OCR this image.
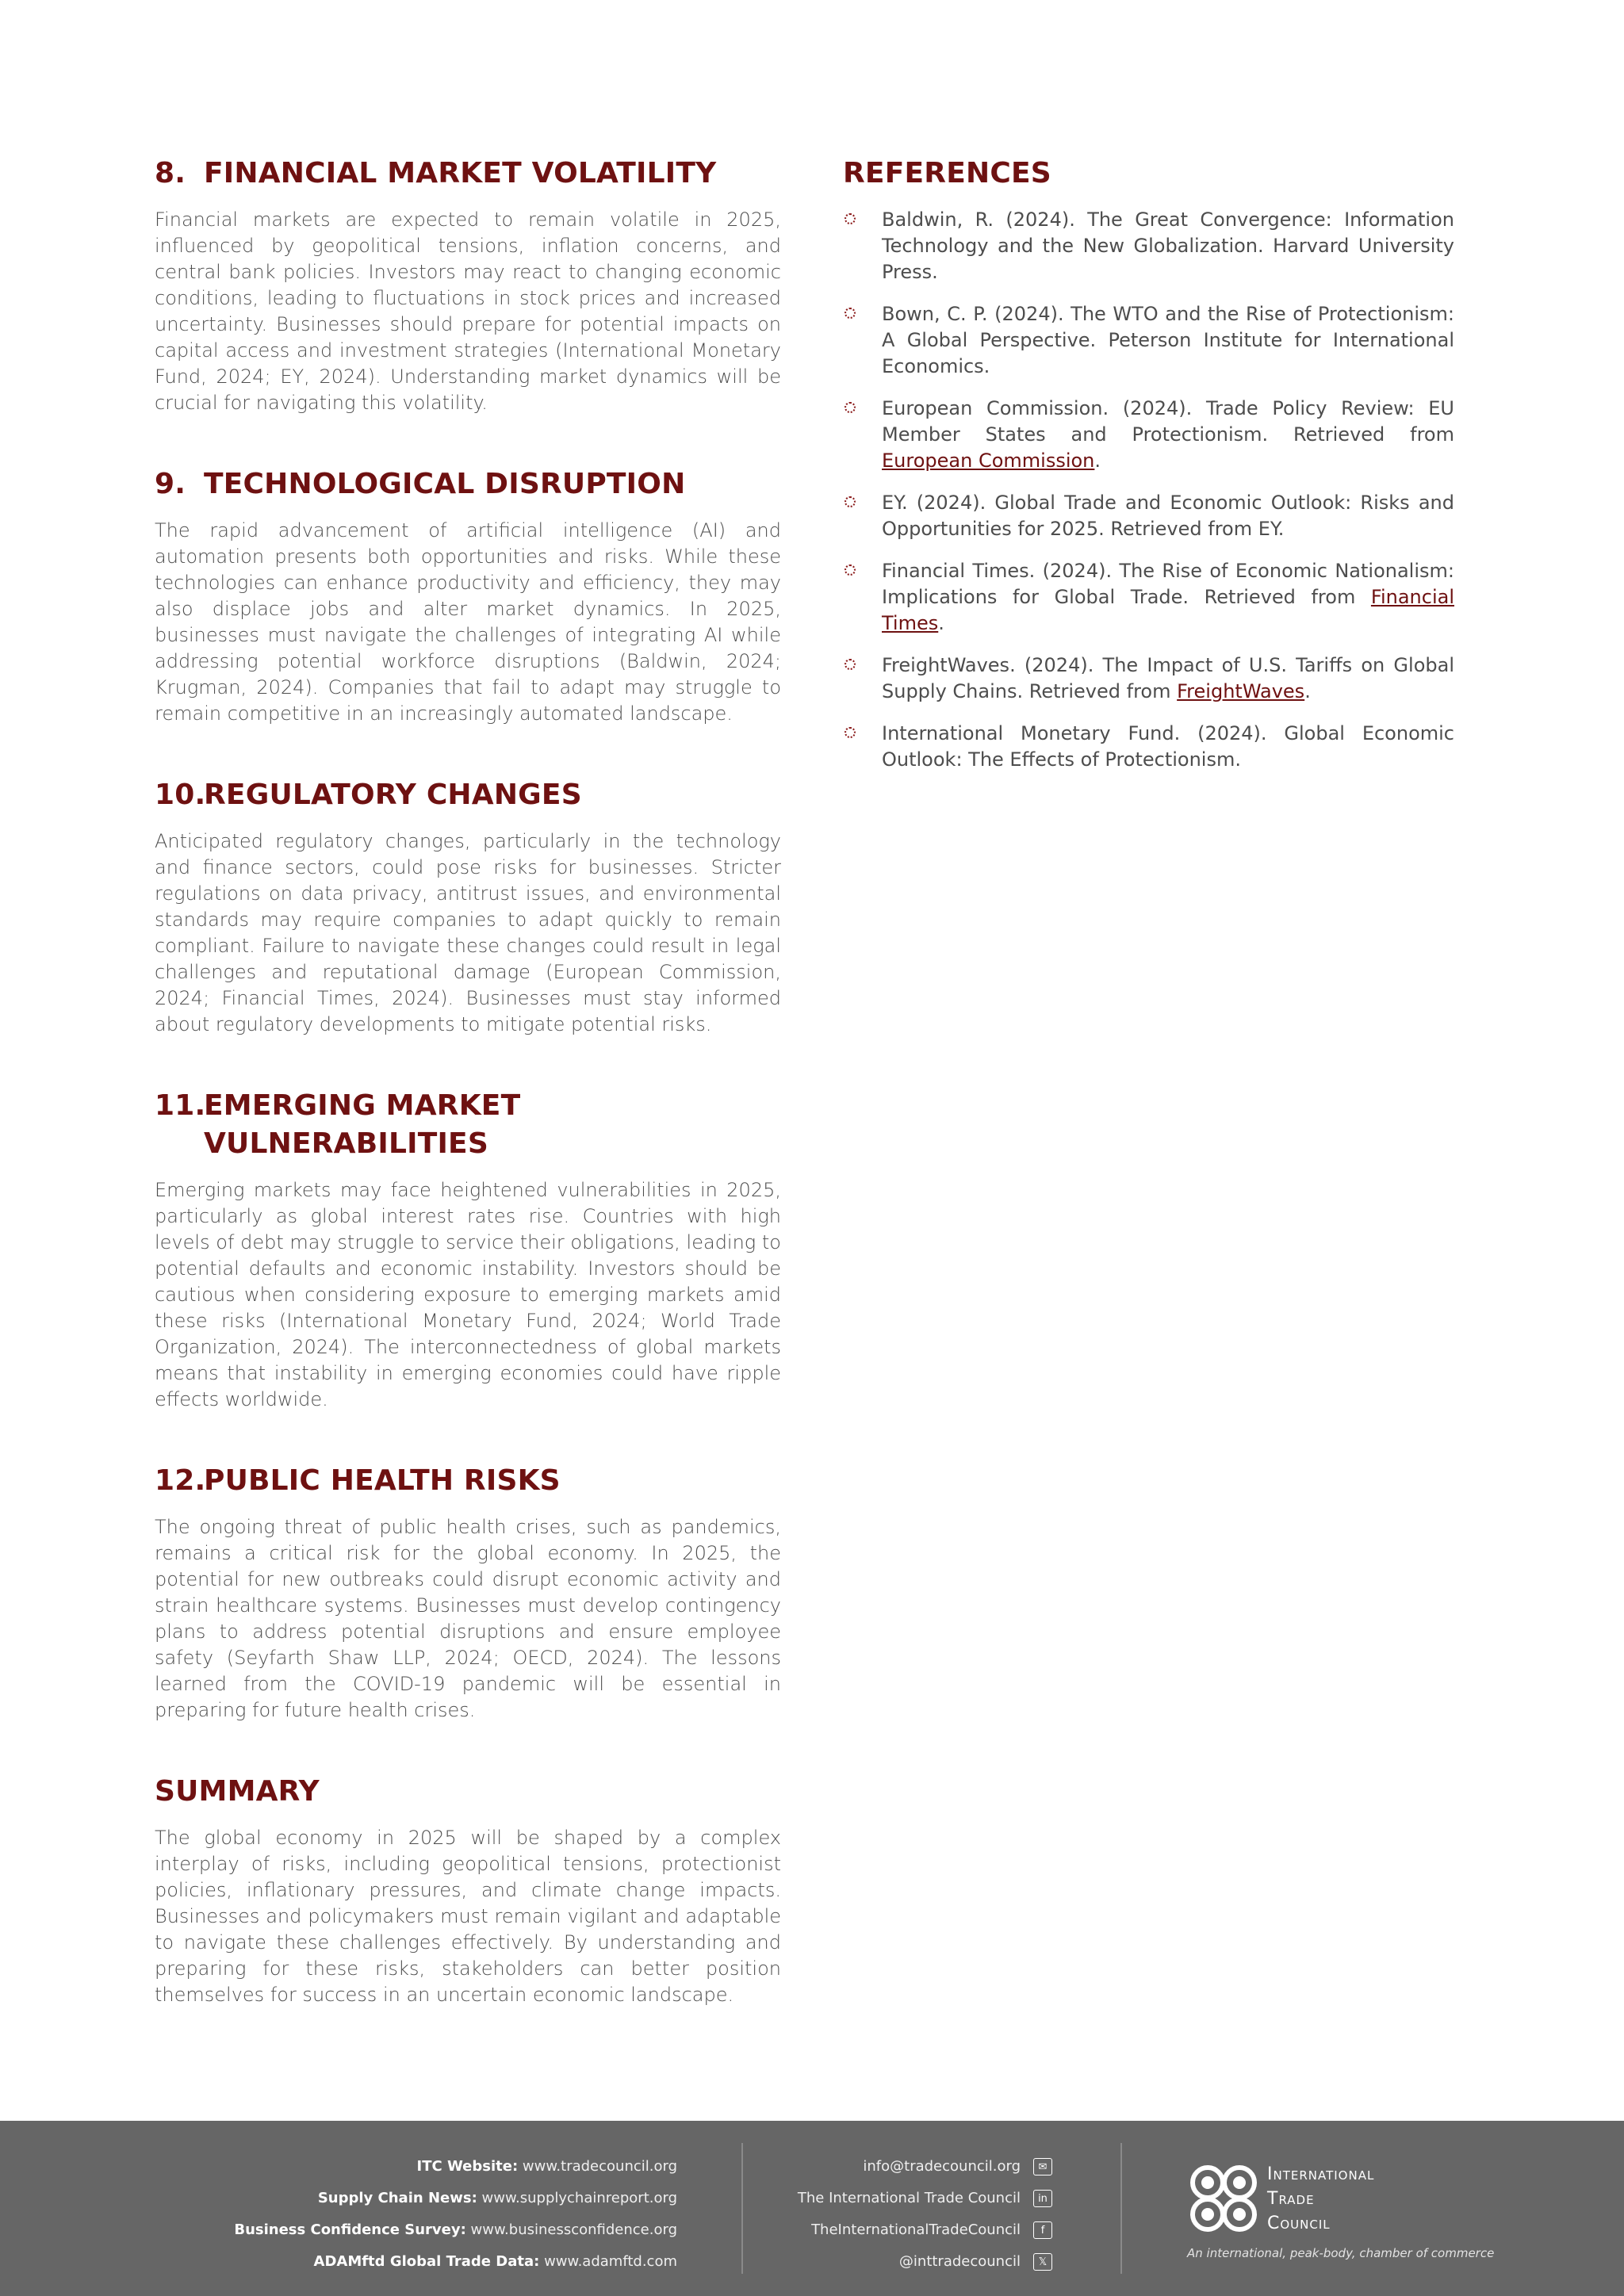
8. FINANCIAL MARKET VOLATILITY

Financial markets are expected to remain volatile in 2025, influenced by geopolitical tensions, inflation concerns, and central bank policies. Investors may react to changing economic conditions, leading to fluctuations in stock prices and increased uncertainty. Businesses should prepare for potential impacts on capital access and investment strategies (International Monetary Fund, 2024; EY, 2024). Understanding market dynamics will be crucial for navigating this volatility.

9. TECHNOLOGICAL DISRUPTION

The rapid advancement of artificial intelligence (AI) and automation presents both opportunities and risks. While these technologies can enhance productivity and efficiency, they may also displace jobs and alter market dynamics. In 2025, businesses must navigate the challenges of integrating AI while addressing potential workforce disruptions (Baldwin, 2024; Krugman, 2024). Companies that fail to adapt may struggle to remain competitive in an increasingly automated landscape.

10.
REGULATORY CHANGES

Anticipated regulatory changes, particularly in the technology and finance sectors, could pose risks for businesses. Stricter regulations on data privacy, antitrust issues, and environmental standards may require companies to adapt quickly to remain compliant. Failure to navigate these changes could result in legal challenges and reputational damage (European Commission, 2024; Financial Times, 2024). Businesses must stay informed about regulatory developments to mitigate potential risks.

11.
EMERGING MARKET VULNERABILITIES

Emerging markets may face heightened vulnerabilities in 2025, particularly as global interest rates rise. Countries with high levels of debt may struggle to service their obligations, leading to potential defaults and economic instability. Investors should be cautious when considering exposure to emerging markets amid these risks (International Monetary Fund, 2024; World Trade Organization, 2024). The interconnectedness of global markets means that instability in emerging economies could have ripple effects worldwide.

12.
PUBLIC HEALTH RISKS

The ongoing threat of public health crises, such as pandemics, remains a critical risk for the global economy. In 2025, the potential for new outbreaks could disrupt economic activity and strain healthcare systems. Businesses must develop contingency plans to address potential disruptions and ensure employee safety (Seyfarth Shaw LLP, 2024; OECD, 2024). The lessons learned from the COVID-19 pandemic will be essential in preparing for future health crises.

SUMMARY

The global economy in 2025 will be shaped by a complex interplay of risks, including geopolitical tensions, protectionist policies, inflationary pressures, and climate change impacts. Businesses and policymakers must remain vigilant and adaptable to navigate these challenges effectively. By understanding and preparing for these risks, stakeholders can better position themselves for success in an uncertain economic landscape.

REFERENCES
Baldwin, R. (2024). The Great Convergence: Information Technology and the New Globalization. Harvard University Press.
Bown, C. P. (2024). The WTO and the Rise of Protectionism: A Global Perspective. Peterson Institute for International Economics.
European Commission. (2024). Trade Policy Review: EU Member States and Protectionism. Retrieved from European Commission.
EY. (2024). Global Trade and Economic Outlook: Risks and Opportunities for 2025. Retrieved from EY.
Financial Times. (2024). The Rise of Economic Nationalism: Implications for Global Trade. Retrieved from Financial Times.
FreightWaves. (2024). The Impact of U.S. Tariffs on Global Supply Chains. Retrieved from FreightWaves.
International Monetary Fund. (2024). Global Economic Outlook: The Effects of Protectionism.
ITC Website: www.tradecouncil.org
Supply Chain News: www.supplychainreport.org
Business Confidence Survey: www.businessconfidence.org
ADAMftd Global Trade Data: www.adamftd.com
info@tradecouncil.org	✉
The International Trade Council	in
TheInternationalTradeCouncil	f
@inttradecouncil	𝕏
International
Trade
Council
An international, peak-body, chamber of commerce
